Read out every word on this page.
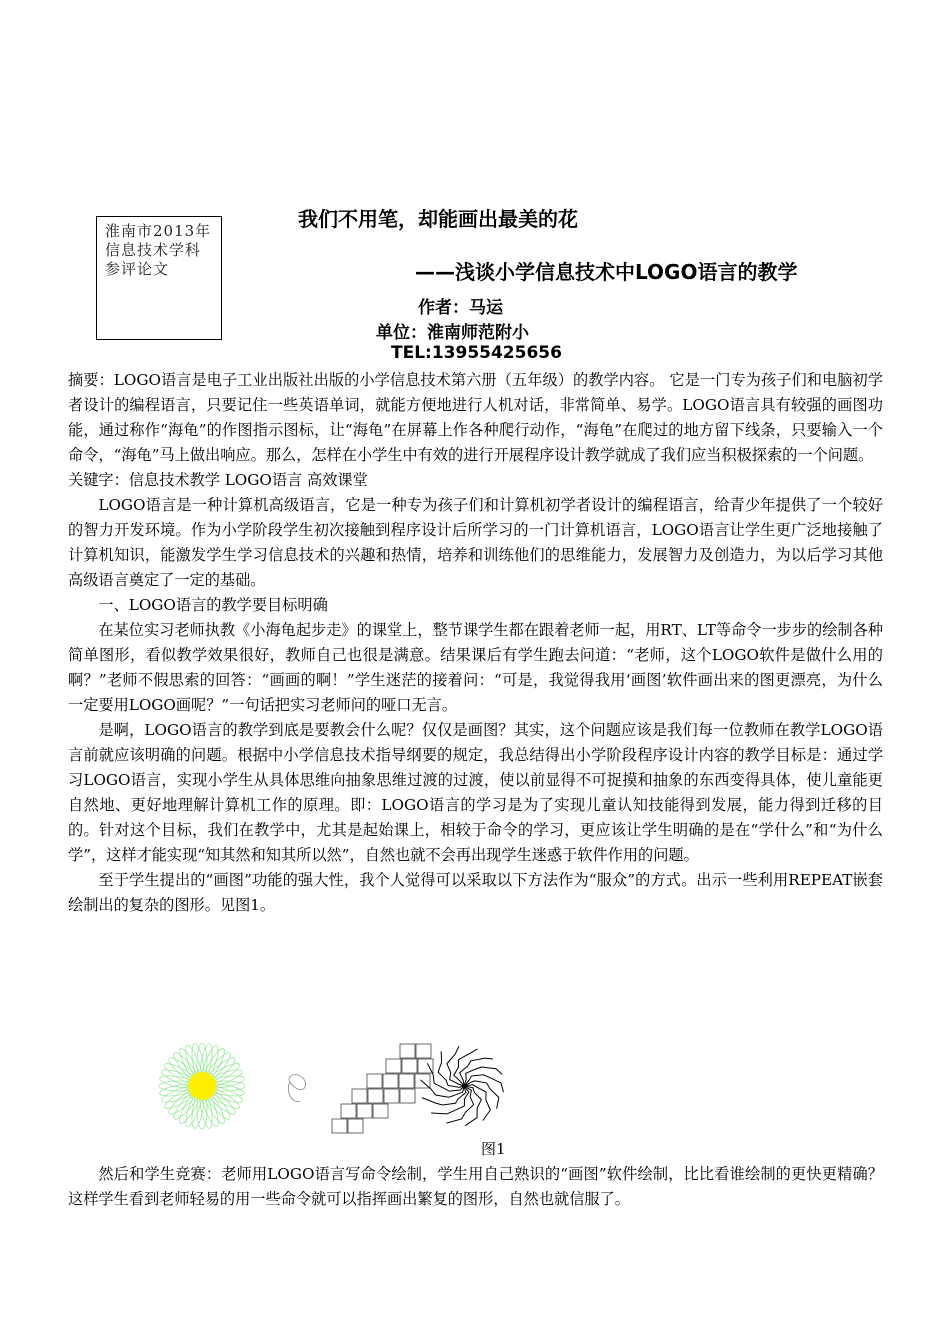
淮南市2013年信息技术学科参评论文
我们不用笔，却能画出最美的花
——浅谈小学信息技术中LOGO语言的教学
作者：马运
单位：淮南师范附小
TEL:13955425656

摘要：LOGO语言是电子工业出版社出版的小学信息技术第六册（五年级）的教学内容。 它是一门专为孩子们和电脑初学者设计的编程语言，只要记住一些英语单词，就能方便地进行人机对话，非常简单、易学。LOGO语言具有较强的画图功能，通过称作“海龟”的作图指示图标，让“海龟”在屏幕上作各种爬行动作，“海龟”在爬过的地方留下线条，只要输入一个命令，“海龟”马上做出响应。那么，怎样在小学生中有效的进行开展程序设计教学就成了我们应当积极探索的一个问题。

关键字：信息技术教学 LOGO语言 高效课堂

LOGO语言是一种计算机高级语言，它是一种专为孩子们和计算机初学者设计的编程语言，给青少年提供了一个较好的智力开发环境。作为小学阶段学生初次接触到程序设计后所学习的一门计算机语言，LOGO语言让学生更广泛地接触了计算机知识，能激发学生学习信息技术的兴趣和热情，培养和训练他们的思维能力，发展智力及创造力，为以后学习其他高级语言奠定了一定的基础。

一、LOGO语言的教学要目标明确

在某位实习老师执教《小海龟起步走》的课堂上，整节课学生都在跟着老师一起，用RT、LT等命令一步步的绘制各种简单图形，看似教学效果很好，教师自己也很是满意。结果课后有学生跑去问道：“老师，这个LOGO软件是做什么用的啊？”老师不假思索的回答：“画画的啊！”学生迷茫的接着问：“可是，我觉得我用‘画图’软件画出来的图更漂亮，为什么一定要用LOGO画呢？”一句话把实习老师问的哑口无言。

是啊，LOGO语言的教学到底是要教会什么呢？仅仅是画图？其实，这个问题应该是我们每一位教师在教学LOGO语言前就应该明确的问题。根据中小学信息技术指导纲要的规定，我总结得出小学阶段程序设计内容的教学目标是：通过学习LOGO语言，实现小学生从具体思维向抽象思维过渡的过渡，使以前显得不可捉摸和抽象的东西变得具体，使儿童能更自然地、更好地理解计算机工作的原理。即：LOGO语言的学习是为了实现儿童认知技能得到发展，能力得到迁移的目的。针对这个目标，我们在教学中，尤其是起始课上，相较于命令的学习，更应该让学生明确的是在“学什么”和“为什么学”，这样才能实现“知其然和知其所以然”，自然也就不会再出现学生迷惑于软件作用的问题。

至于学生提出的“画图”功能的强大性，我个人觉得可以采取以下方法作为“服众”的方式。出示一些利用REPEAT嵌套绘制出的复杂的图形。见图1。

图1

然后和学生竞赛：老师用LOGO语言写命令绘制，学生用自己熟识的“画图”软件绘制，比比看谁绘制的更快更精确？这样学生看到老师轻易的用一些命令就可以指挥画出繁复的图形，自然也就信服了。
